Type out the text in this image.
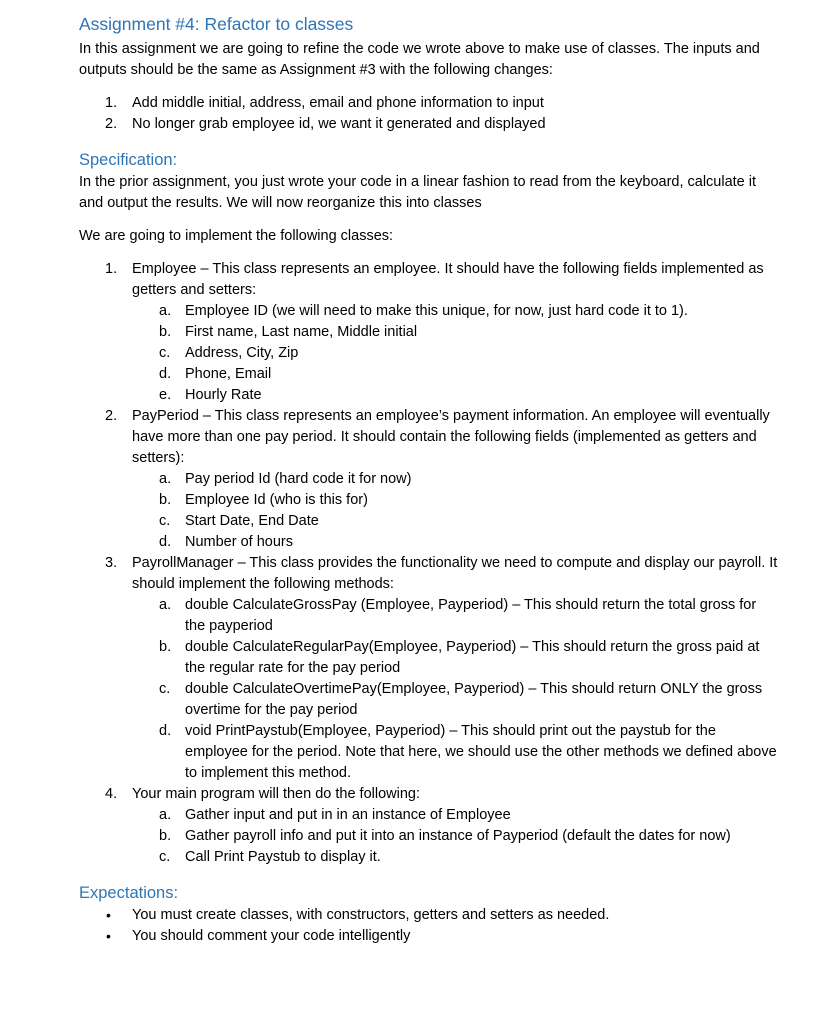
Assignment #4: Refactor to classes

In this assignment we are going to refine the code we wrote above to make use of classes. The inputs and outputs should be the same as Assignment #3 with the following changes:

1. Add middle initial, address, email and phone information to input
2. No longer grab employee id, we want it generated and displayed
Specification:

In the prior assignment, you just wrote your code in a linear fashion to read from the keyboard, calculate it and output the results. We will now reorganize this into classes

We are going to implement the following classes:

1. Employee – This class represents an employee. It should have the following fields implemented as getters and setters:
a. Employee ID (we will need to make this unique, for now, just hard code it to 1).
b. First name, Last name, Middle initial
c. Address, City, Zip
d. Phone, Email
e. Hourly Rate
2. PayPeriod – This class represents an employee’s payment information. An employee will eventually have more than one pay period. It should contain the following fields (implemented as getters and setters):
a. Pay period Id (hard code it for now)
b. Employee Id (who is this for)
c. Start Date, End Date
d. Number of hours
3. PayrollManager – This class provides the functionality we need to compute and display our payroll. It should implement the following methods:
a. double CalculateGrossPay (Employee, Payperiod) – This should return the total gross for the payperiod
b. double CalculateRegularPay(Employee, Payperiod) – This should return the gross paid at the regular rate for the pay period
c. double CalculateOvertimePay(Employee, Payperiod) – This should return ONLY the gross overtime for the pay period
d. void PrintPaystub(Employee, Payperiod) – This should print out the paystub for the employee for the period. Note that here, we should use the other methods we defined above to implement this method.
4. Your main program will then do the following:
a. Gather input and put in in an instance of Employee
b. Gather payroll info and put it into an instance of Payperiod (default the dates for now)
c. Call Print Paystub to display it.
Expectations:
• You must create classes, with constructors, getters and setters as needed.
• You should comment your code intelligently
